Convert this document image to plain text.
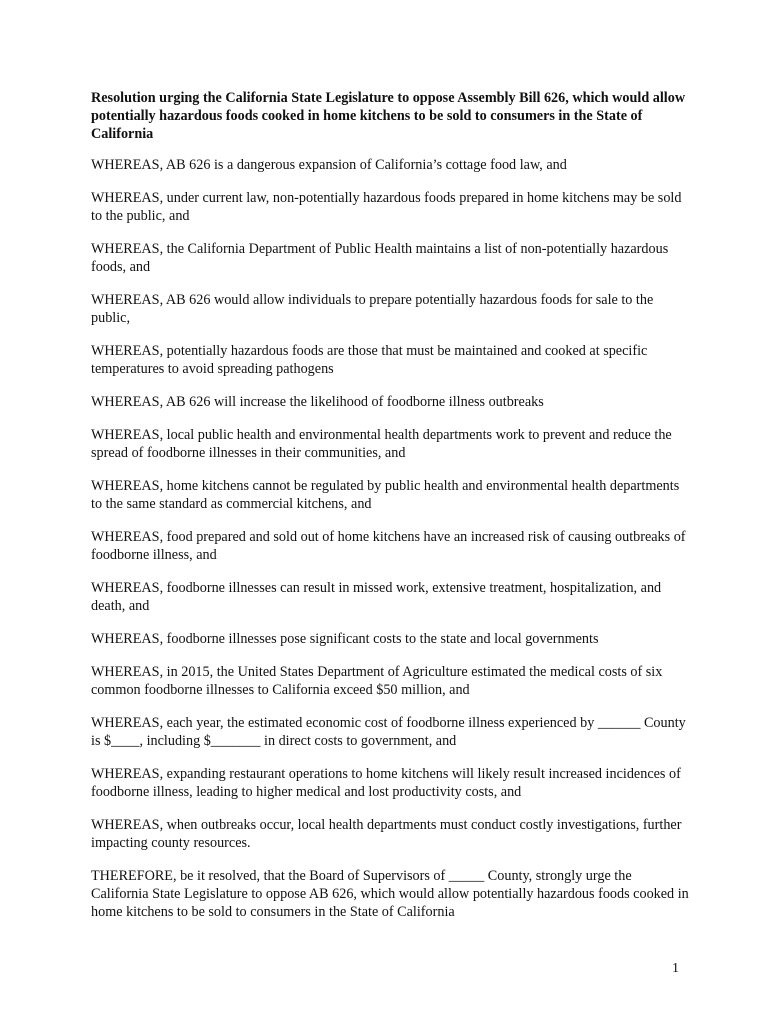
Resolution urging the California State Legislature to oppose Assembly Bill 626, which would allow potentially hazardous foods cooked in home kitchens to be sold to consumers in the State of California

WHEREAS, AB 626 is a dangerous expansion of California’s cottage food law, and

WHEREAS, under current law, non-potentially hazardous foods prepared in home kitchens may be sold to the public, and

WHEREAS, the California Department of Public Health maintains a list of non-potentially hazardous foods, and

WHEREAS, AB 626 would allow individuals to prepare potentially hazardous foods for sale to the public,

WHEREAS, potentially hazardous foods are those that must be maintained and cooked at specific temperatures to avoid spreading pathogens

WHEREAS, AB 626 will increase the likelihood of foodborne illness outbreaks

WHEREAS, local public health and environmental health departments work to prevent and reduce the spread of foodborne illnesses in their communities, and

WHEREAS, home kitchens cannot be regulated by public health and environmental health departments to the same standard as commercial kitchens, and

WHEREAS, food prepared and sold out of home kitchens have an increased risk of causing outbreaks of foodborne illness, and

WHEREAS, foodborne illnesses can result in missed work, extensive treatment, hospitalization, and death, and

WHEREAS, foodborne illnesses pose significant costs to the state and local governments

WHEREAS, in 2015, the United States Department of Agriculture estimated the medical costs of six common foodborne illnesses to California exceed $50 million, and

WHEREAS, each year, the estimated economic cost of foodborne illness experienced by ______ County is $____, including $_______ in direct costs to government, and

WHEREAS, expanding restaurant operations to home kitchens will likely result increased incidences of foodborne illness, leading to higher medical and lost productivity costs, and

WHEREAS, when outbreaks occur, local health departments must conduct costly investigations, further impacting county resources.

THEREFORE, be it resolved, that the Board of Supervisors of _____ County, strongly urge the California State Legislature to oppose AB 626, which would allow potentially hazardous foods cooked in home kitchens to be sold to consumers in the State of California

1
